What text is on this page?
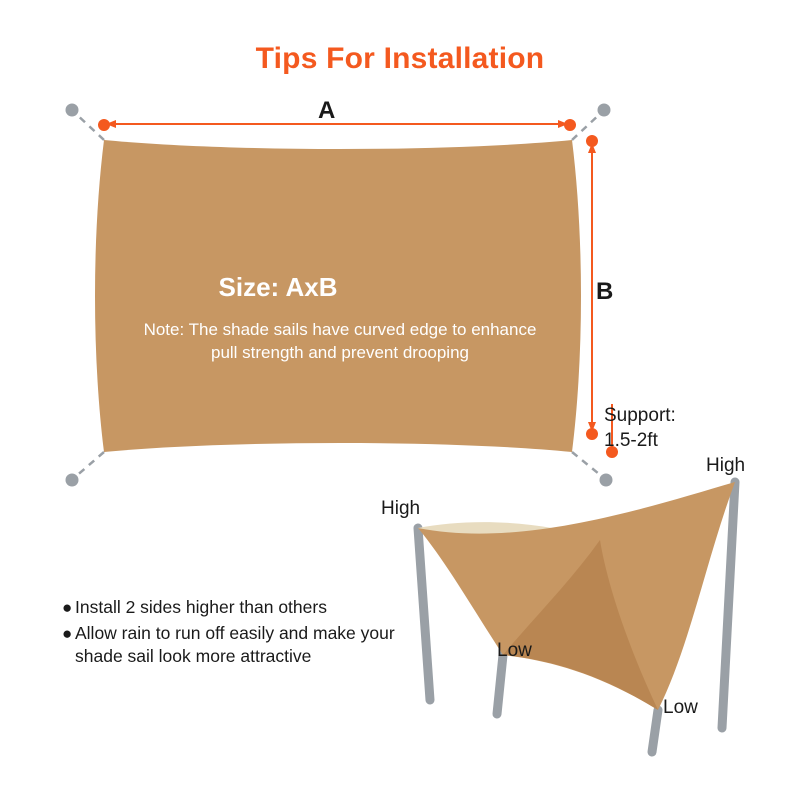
Tips For Installation
A
B
Support:
1.5-2ft
Size: AxB
Note: The shade sails have curved edge to enhance pull strength and prevent drooping
● Install 2 sides higher than others
● Allow rain to run off easily and make your shade sail look more attractive
High
High
Low
Low
